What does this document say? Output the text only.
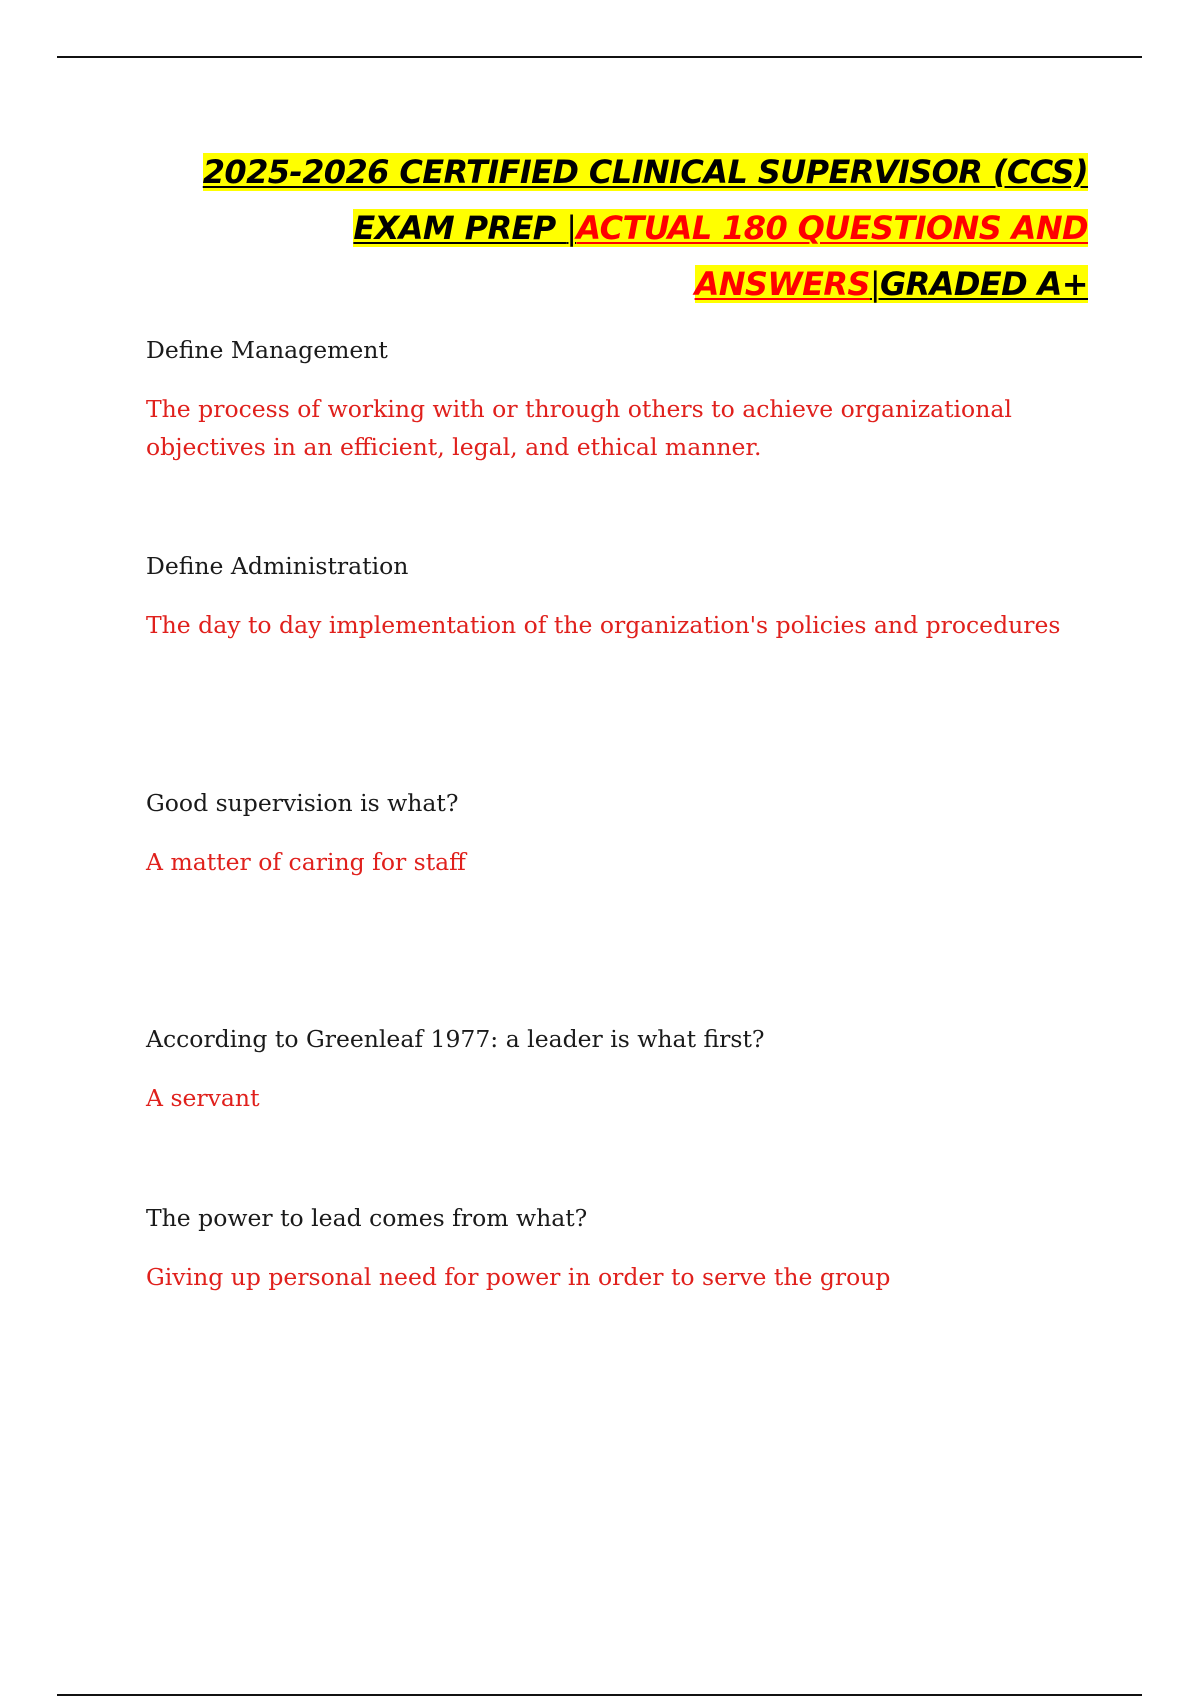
2025-2026 CERTIFIED CLINICAL SUPERVISOR (CCS)
EXAM PREP |ACTUAL 180 QUESTIONS AND
ANSWERS|GRADED A+

Define Management

The process of working with or through others to achieve organizational objectives in an efficient, legal, and ethical manner.

Define Administration

The day to day implementation of the organization's policies and procedures

Good supervision is what?

A matter of caring for staff

According to Greenleaf 1977: a leader is what first?

A servant

The power to lead comes from what?

Giving up personal need for power in order to serve the group
